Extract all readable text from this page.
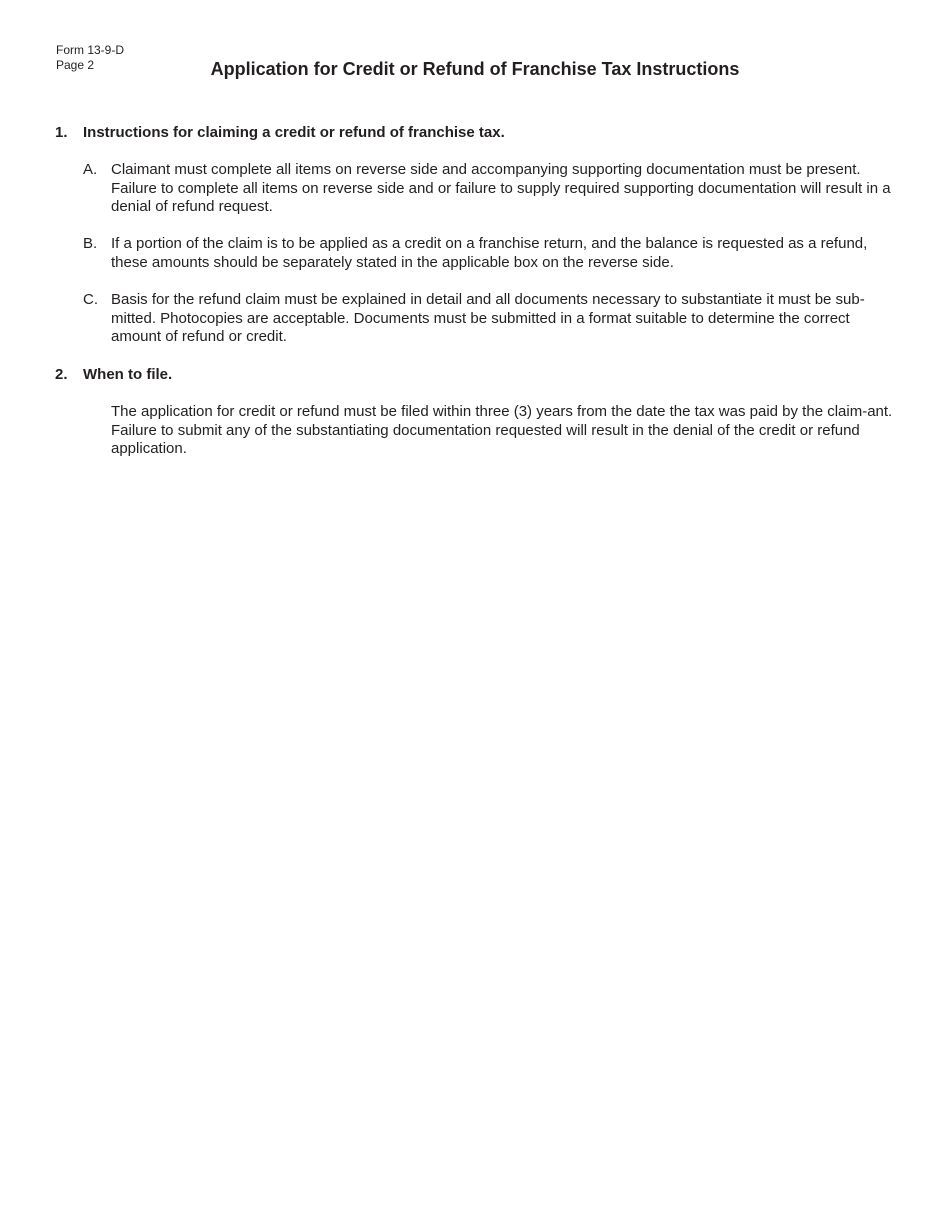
Form 13-9-D
Page 2	Application for Credit or Refund of Franchise Tax Instructions
1. Instructions for claiming a credit or refund of franchise tax.
A. Claimant must complete all items on reverse side and accompanying supporting documentation must be present. Failure to complete all items on reverse side and or failure to supply required supporting documentation will result in a denial of refund request.
B. If a portion of the claim is to be applied as a credit on a franchise return, and the balance is requested as a refund, these amounts should be separately stated in the applicable box on the reverse side.
C. Basis for the refund claim must be explained in detail and all documents necessary to substantiate it must be sub-mitted. Photocopies are acceptable. Documents must be submitted in a format suitable to determine the correct amount of refund or credit.
2. When to file.

The application for credit or refund must be filed within three (3) years from the date the tax was paid by the claim-ant. Failure to submit any of the substantiating documentation requested will result in the denial of the credit or refund application.
